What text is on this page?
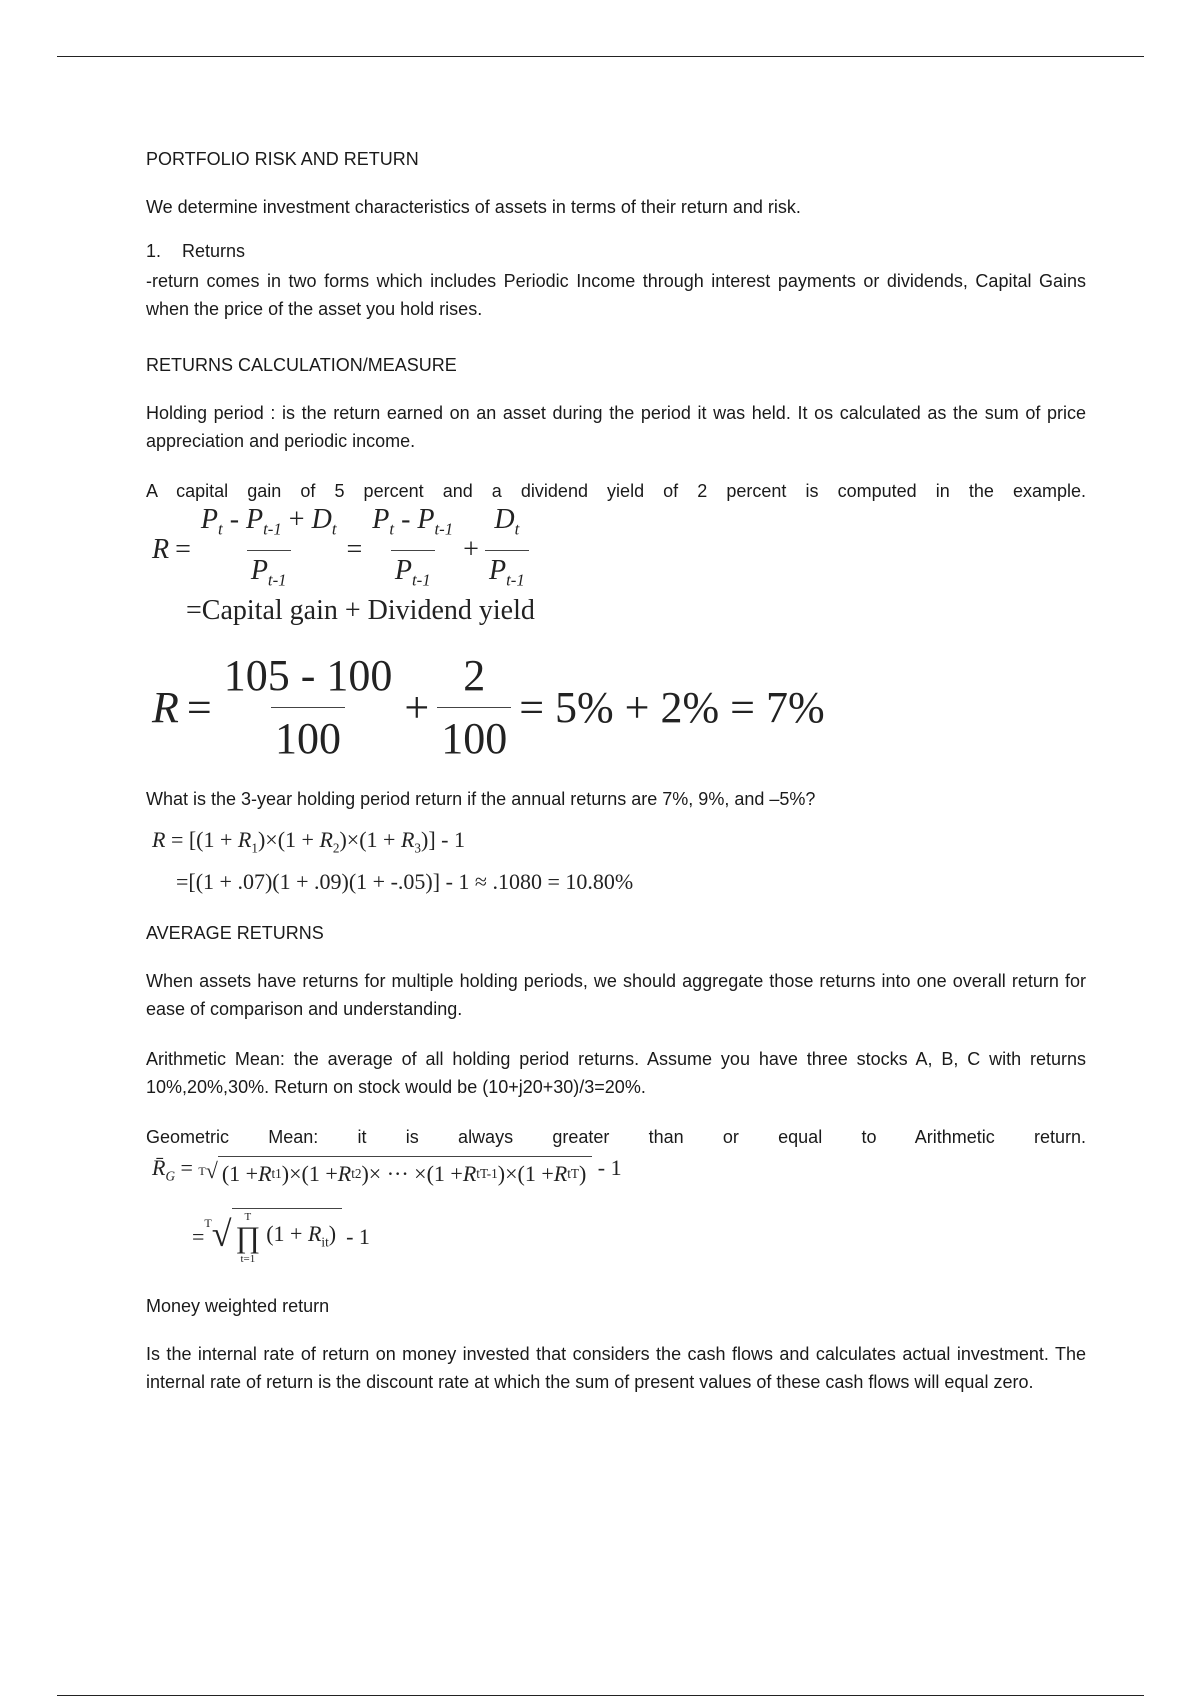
PORTFOLIO RISK AND RETURN

We determine investment characteristics of assets in terms of their return and risk.

1.	Returns

-return comes in two forms which includes Periodic Income through interest payments or dividends, Capital Gains when the price of the asset you hold rises.

RETURNS CALCULATION/MEASURE

Holding period : is the return earned on an asset during the period it was held. It os calculated as the sum of price appreciation and periodic income.

A capital gain of 5 percent and a dividend yield of 2 percent is computed in the example.

$R = \frac{P_t - P_{t-1} + D_t}{P_{t-1}} = \frac{P_t - P_{t-1}}{P_{t-1}} + \frac{D_t}{P_{t-1}}$
=Capital gain + Dividend yield
$R = \frac{105 - 100}{100} + \frac{2}{100} = 5\% + 2\% = 7\%$

What is the 3-year holding period return if the annual returns are 7%, 9%, and –5%?

$R = [(1 + R_1)\times(1 + R_2)\times(1 + R_3)] - 1$
=[(1 + .07)(1 + .09)(1 + -.05)] - 1 ≈ .1080 = 10.80%

AVERAGE RETURNS

When assets have returns for multiple holding periods, we should aggregate those returns into one overall return for ease of comparison and understanding.

Arithmetic Mean: the average of all holding period returns. Assume you have three stocks A, B, C with returns 10%,20%,30%. Return on stock would be (10+j20+30)/3=20%.

Geometric Mean: it is always greater than or equal to Arithmetic return.

$R̄_G = T$ √ (1 + R t1 )×(1 + R t2 )× ··· ×(1 + R tT-1 )×(1 + R tT ) - 1
=
T √ T
∏
t=1
$(1 + R_{it}) - 1$

Money weighted return

Is the internal rate of return on money invested that considers the cash flows and calculates actual investment. The internal rate of return is the discount rate at which the sum of present values of these cash flows will equal zero.
